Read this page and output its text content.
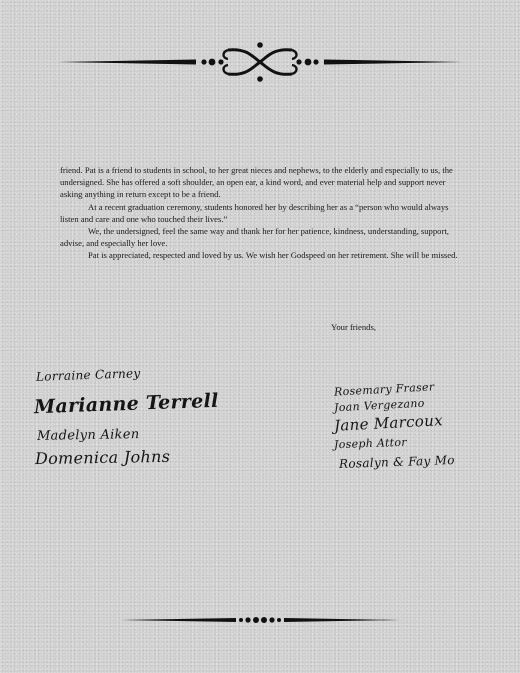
friend. Pat is a friend to students in school, to her great nieces and nephews, to the elderly and especially to us, the undersigned. She has offered a soft shoulder, an open ear, a kind word, and ever material help and support never asking anything in return except to be a friend.

At a recent graduation ceremony, students honored her by describing her as a “person who would always listen and care and one who touched their lives.”

We, the undersigned, feel the same way and thank her for her patience, kindness, understanding, support, advise, and especially her love.

Pat is appreciated, respected and loved by us. We wish her Godspeed on her retirement. She will be missed.

Your friends,
Lorraine Carney
Marianne Terrell
Madelyn Aiken
Domenica Johns
Rosemary Fraser
Joan Vergezano
Jane Marcoux
Joseph Attor
Rosalyn & Fay Mo
